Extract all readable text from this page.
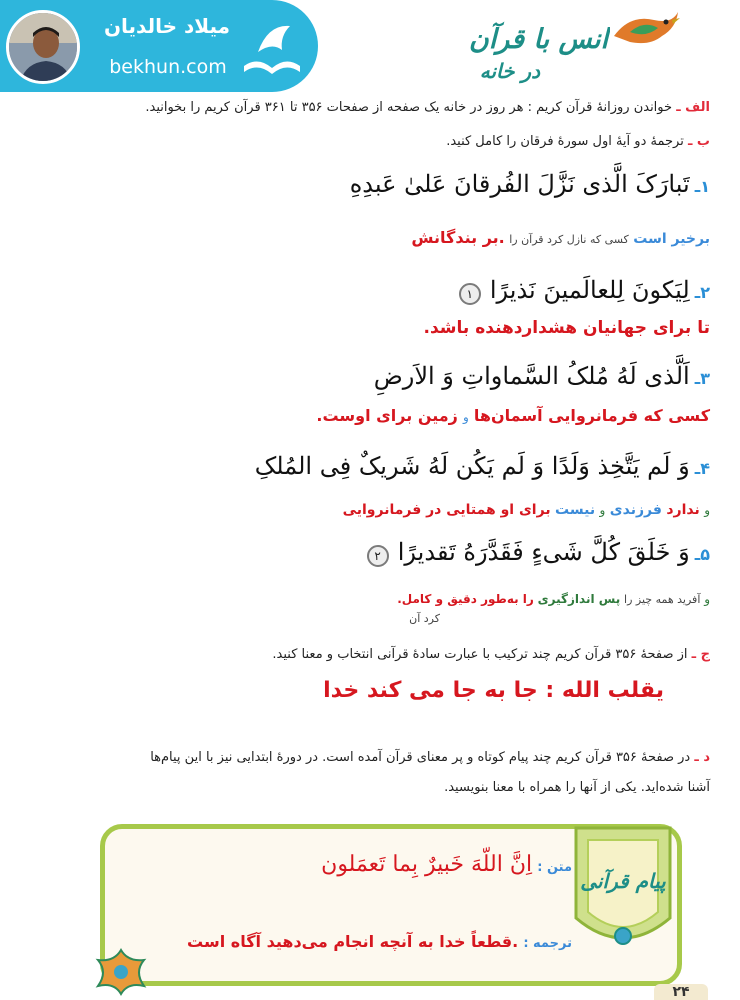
میلاد خالدیان
bekhun.com
انس با قرآن
در خانه
الف ـ خواندن روزانهٔ قرآن کریم : هر روز در خانه یک صفحه از صفحات ۳۵۶ تا ۳۶۱ قرآن کریم را بخوانید.
ب ـ ترجمهٔ دو آیهٔ اول سورهٔ فرقان را کامل کنید.
۱ـ تَبارَکَ الَّذی نَزَّلَ الفُرقانَ عَلیٰ عَبدِهِ
برخیر است کسی که نازل کرد قرآن را .بر بندگانش
۲ـ لِیَکونَ لِلعالَمینَ نَذیرًا ۱
تا برای جهانیان هشداردهنده باشد.
۳ـ اَلَّذی لَهُ مُلکُ السَّماواتِ وَ الاَرضِ
کسی که فرمانروایی آسمان‌ها و زمین برای اوست.
۴ـ وَ لَم یَتَّخِذ وَلَدًا وَ لَم یَکُن لَهُ شَریکٌ فِی المُلکِ
و ندارد فرزندی و نیست برای او همتایی در فرمانروایی
۵ـ وَ خَلَقَ کُلَّ شَیءٍ فَقَدَّرَهُ تَقدیرًا ۲
و آفرید همه چیز را پس اندازگیری را به‌طور دقیق و کامل.
کرد آن
ج ـ از صفحهٔ ۳۵۶ قرآن کریم چند ترکیب با عبارت سادهٔ قرآنی انتخاب و معنا کنید.
یقلب الله : جا به جا می کند خدا
د ـ در صفحهٔ ۳۵۶ قرآن کریم چند پیام کوتاه و پر معنای قرآن آمده است. در دورهٔ ابتدایی نیز با این پیام‌ها
آشنا شده‌اید. یکی از آنها را همراه با معنا بنویسید.
پیام قرآنی
متن : اِنَّ اللّهَ خَبیرٌ بِما تَعمَلون
ترجمه : .قطعاً خدا به آنچه انجام می‌دهید آگاه است
۲۴
